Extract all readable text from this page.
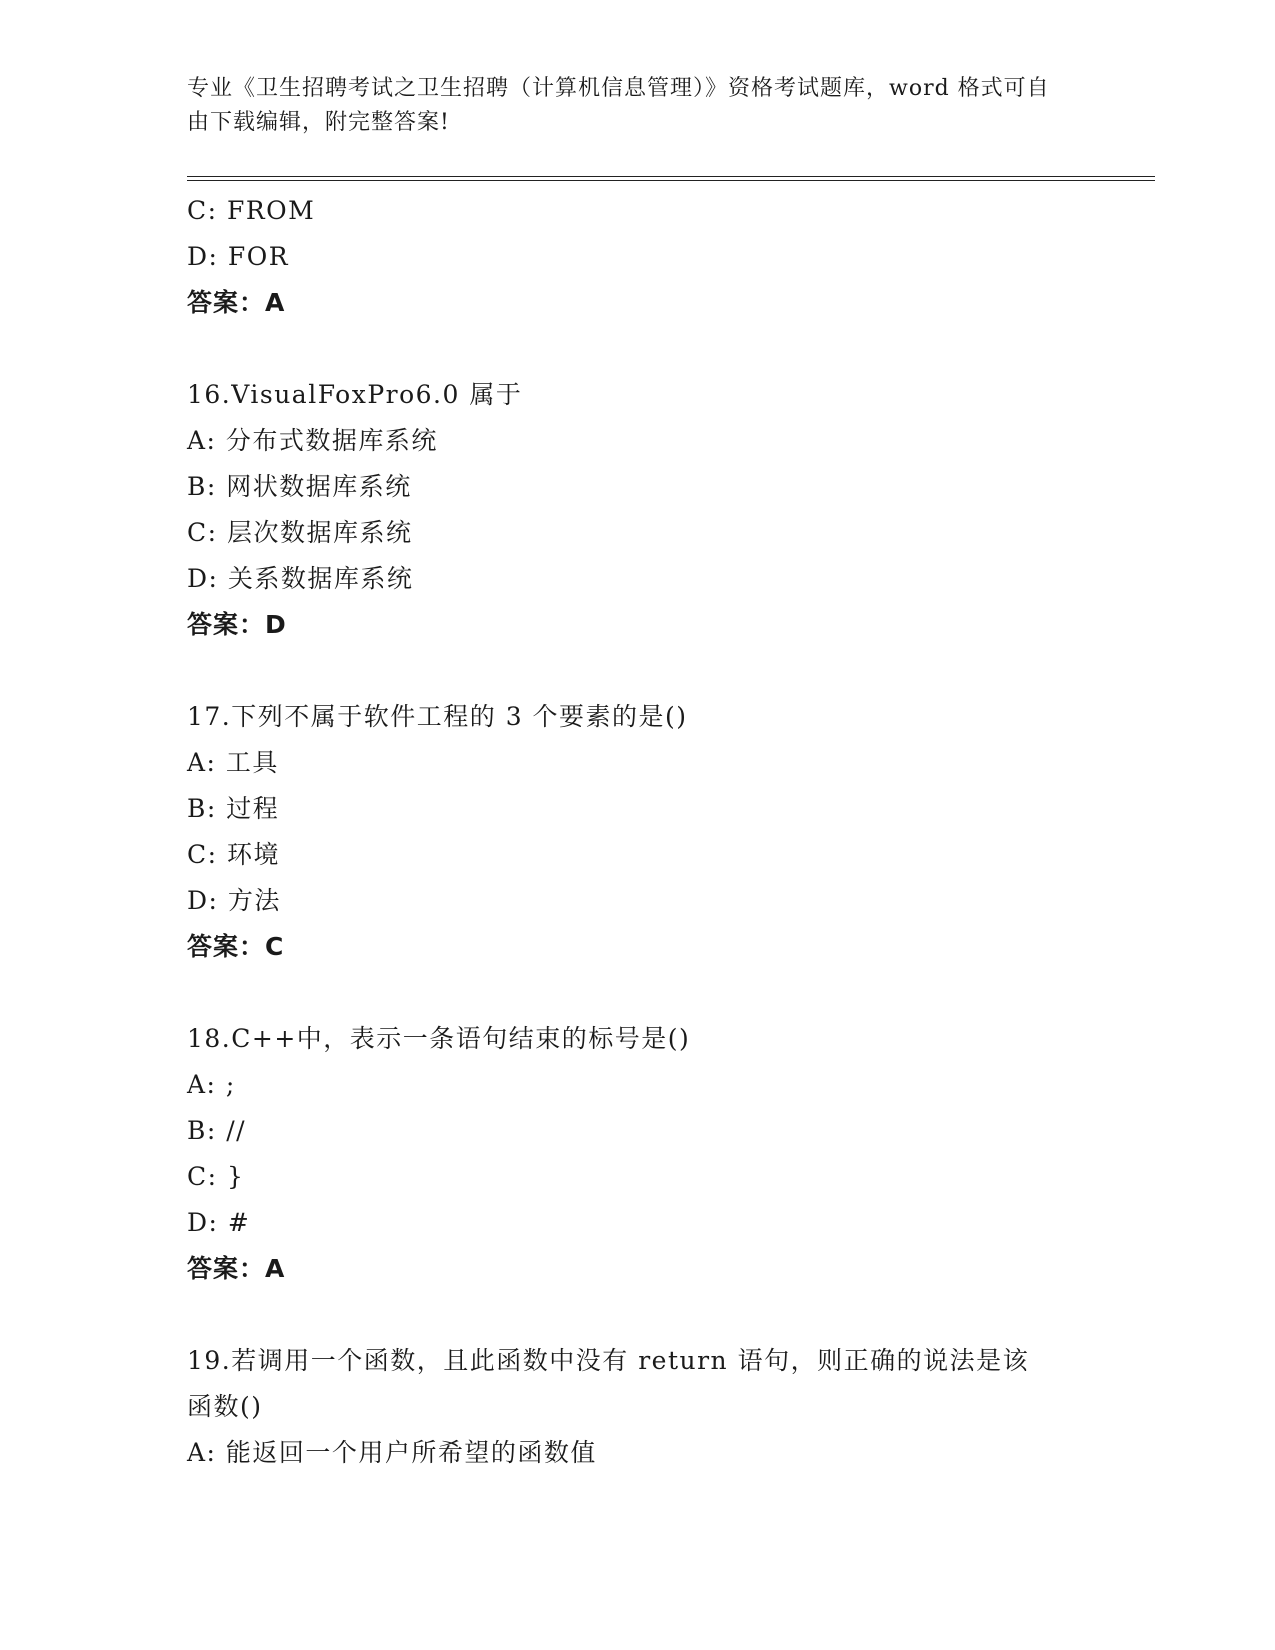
专业《卫生招聘考试之卫生招聘（计算机信息管理）》资格考试题库，word 格式可自由下载编辑，附完整答案!
C: FROM
D: FOR
答案：A
16.VisualFoxPro6.0 属于
A: 分布式数据库系统
B: 网状数据库系统
C: 层次数据库系统
D: 关系数据库系统
答案：D
17.下列不属于软件工程的 3 个要素的是()
A: 工具
B: 过程
C: 环境
D: 方法
答案：C
18.C++中，表示一条语句结束的标号是()
A: ;
B: //
C: }
D: #
答案：A
19.若调用一个函数，且此函数中没有 return 语句，则正确的说法是该函数()
A: 能返回一个用户所希望的函数值
